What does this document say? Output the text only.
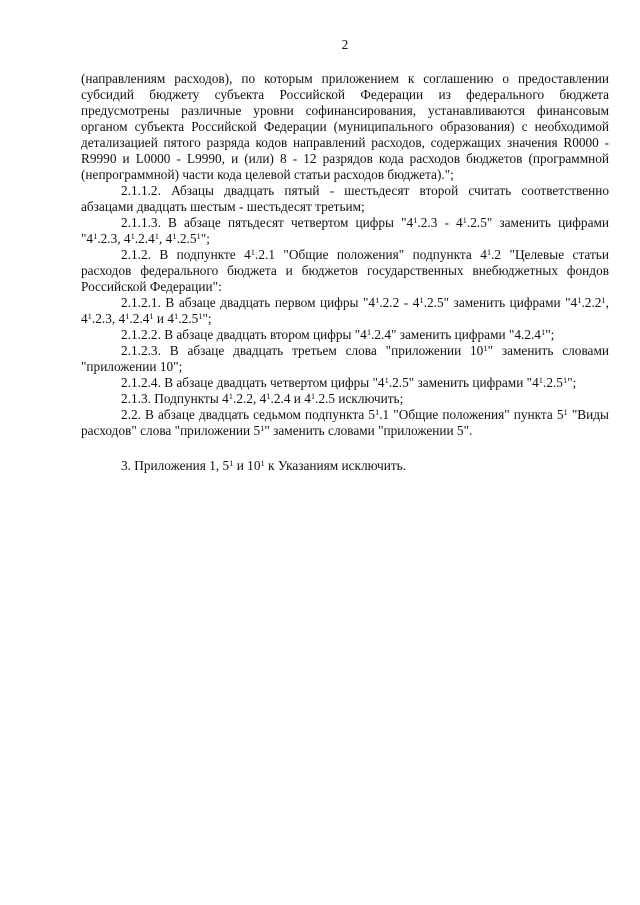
2

(направлениям расходов), по которым приложением к соглашению о предоставлении субсидий бюджету субъекта Российской Федерации из федерального бюджета предусмотрены различные уровни софинансирования, устанавливаются финансовым органом субъекта Российской Федерации (муниципального образования) с необходимой детализацией пятого разряда кодов направлений расходов, содержащих значения R0000 - R9990 и L0000 - L9990, и (или) 8 - 12 разрядов кода расходов бюджетов (программной (непрограммной) части кода целевой статьи расходов бюджета).";

2.1.1.2. Абзацы двадцать пятый - шестьдесят второй считать соответственно абзацами двадцать шестым - шестьдесят третьим;

2.1.1.3. В абзаце пятьдесят четвертом цифры "$4^1.2.3 - 4^1.2.5$" заменить цифрами "$4^1.2.3$, $4^1.2.4^1$, $4^1.2.5^1$";

2.1.2. В подпункте $4^1.2.1$ "Общие положения" подпункта $4^1.2$ "Целевые статьи расходов федерального бюджета и бюджетов государственных внебюджетных фондов Российской Федерации":

2.1.2.1. В абзаце двадцать первом цифры "$4^1.2.2 - 4^1.2.5$" заменить цифрами "$4^1.2.2^1$, $4^1.2.3$, $4^1.2.4^1$ и $4^1.2.5^1$";

2.1.2.2. В абзаце двадцать втором цифры "$4^1.2.4$" заменить цифрами "4.2.4$^1$";

2.1.2.3. В абзаце двадцать третьем слова "приложении $10^1$" заменить словами "приложении 10";

2.1.2.4. В абзаце двадцать четвертом цифры "$4^1.2.5$" заменить цифрами "$4^1.2.5^1$";

2.1.3. Подпункты $4^1.2.2$, $4^1.2.4$ и $4^1.2.5$ исключить;

2.2. В абзаце двадцать седьмом подпункта $5^1.1$ "Общие положения" пункта $5^1$ "Виды расходов" слова "приложении $5^1$" заменить словами "приложении 5".

3. Приложения 1, $5^1$ и $10^1$ к Указаниям исключить.
